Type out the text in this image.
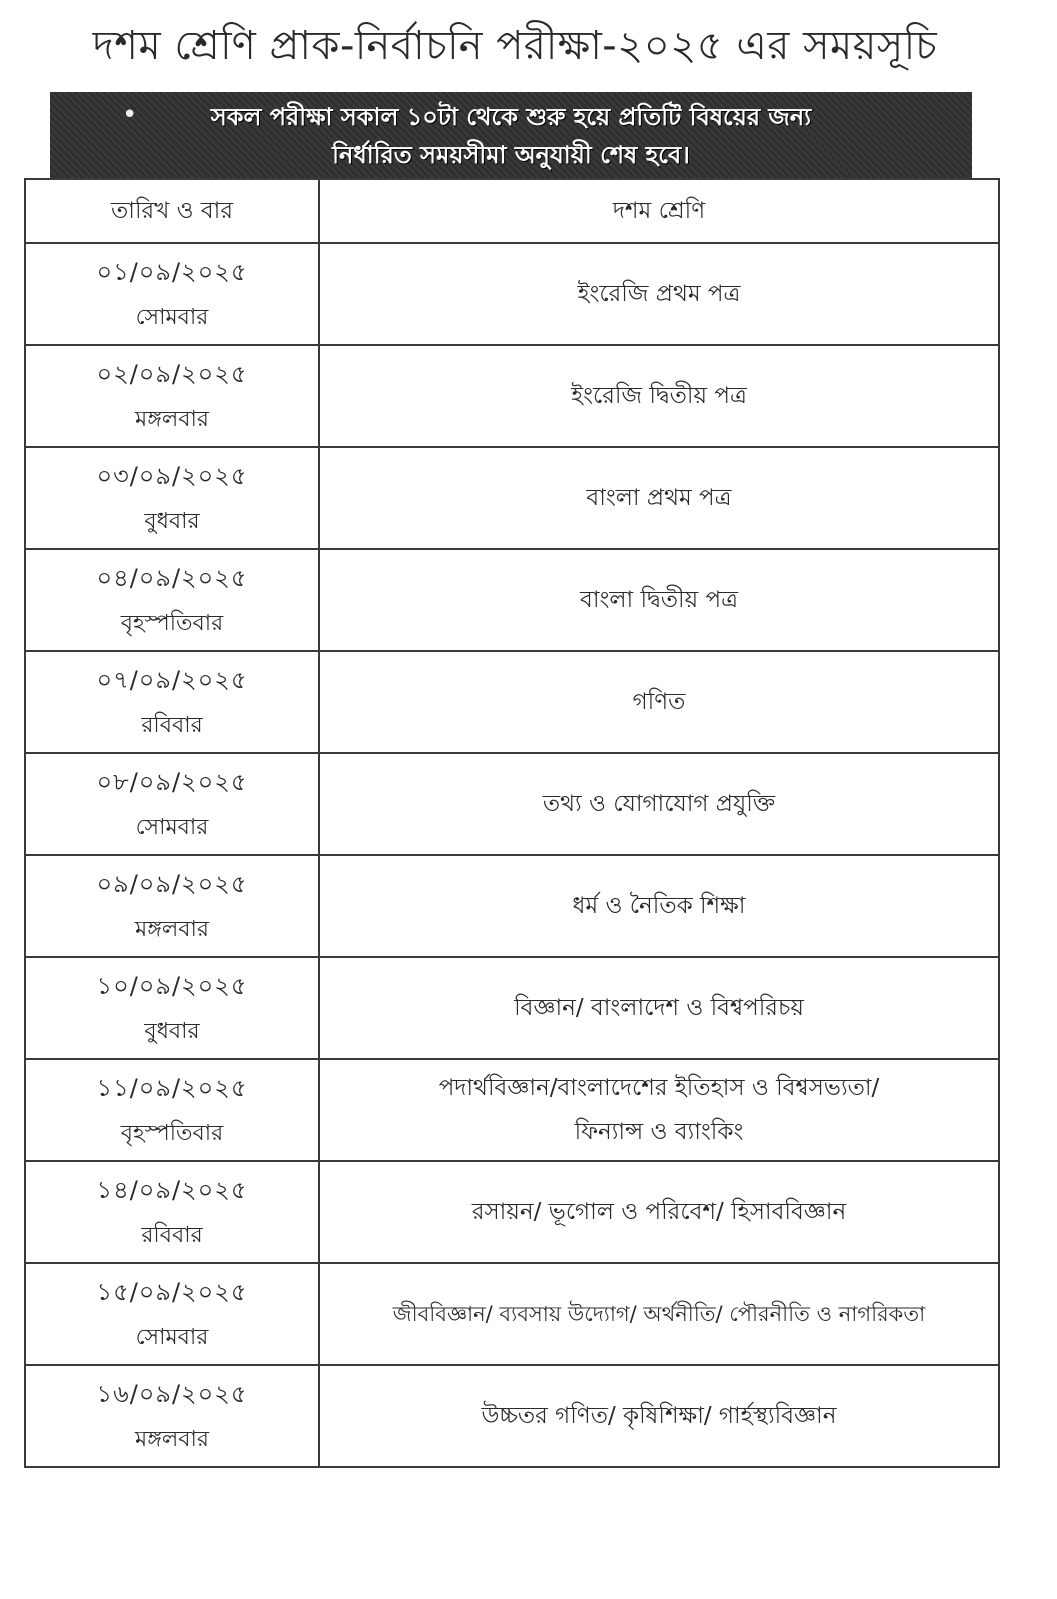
দশম শ্রেণি প্রাক-নির্বাচনি পরীক্ষা-২০২৫ এর সময়সূচি
•	সকল পরীক্ষা সকাল ১০টা থেকে শুরু হয়ে প্রতিটি বিষয়ের জন্য
নির্ধারিত সময়সীমা অনুযায়ী শেষ হবে।
তারিখ ও বার	দশম শ্রেণি

০১/০৯/২০২৫
সোমবার	ইংরেজি প্রথম পত্র

০২/০৯/২০২৫
মঙ্গলবার	ইংরেজি দ্বিতীয় পত্র

০৩/০৯/২০২৫
বুধবার	বাংলা প্রথম পত্র

০৪/০৯/২০২৫
বৃহস্পতিবার	বাংলা দ্বিতীয় পত্র

০৭/০৯/২০২৫
রবিবার	গণিত

০৮/০৯/২০২৫
সোমবার	তথ্য ও যোগাযোগ প্রযুক্তি

০৯/০৯/২০২৫
মঙ্গলবার	ধর্ম ও নৈতিক শিক্ষা

১০/০৯/২০২৫
বুধবার	বিজ্ঞান/ বাংলাদেশ ও বিশ্বপরিচয়

১১/০৯/২০২৫
বৃহস্পতিবার	পদার্থবিজ্ঞান/বাংলাদেশের ইতিহাস ও বিশ্বসভ্যতা/
ফিন্যান্স ও ব্যাংকিং

১৪/০৯/২০২৫
রবিবার	রসায়ন/ ভূগোল ও পরিবেশ/ হিসাববিজ্ঞান

১৫/০৯/২০২৫
সোমবার	জীববিজ্ঞান/ ব্যবসায় উদ্যোগ/ অর্থনীতি/ পৌরনীতি ও নাগরিকতা

১৬/০৯/২০২৫
মঙ্গলবার	উচ্চতর গণিত/ কৃষিশিক্ষা/ গার্হস্থ্যবিজ্ঞান
